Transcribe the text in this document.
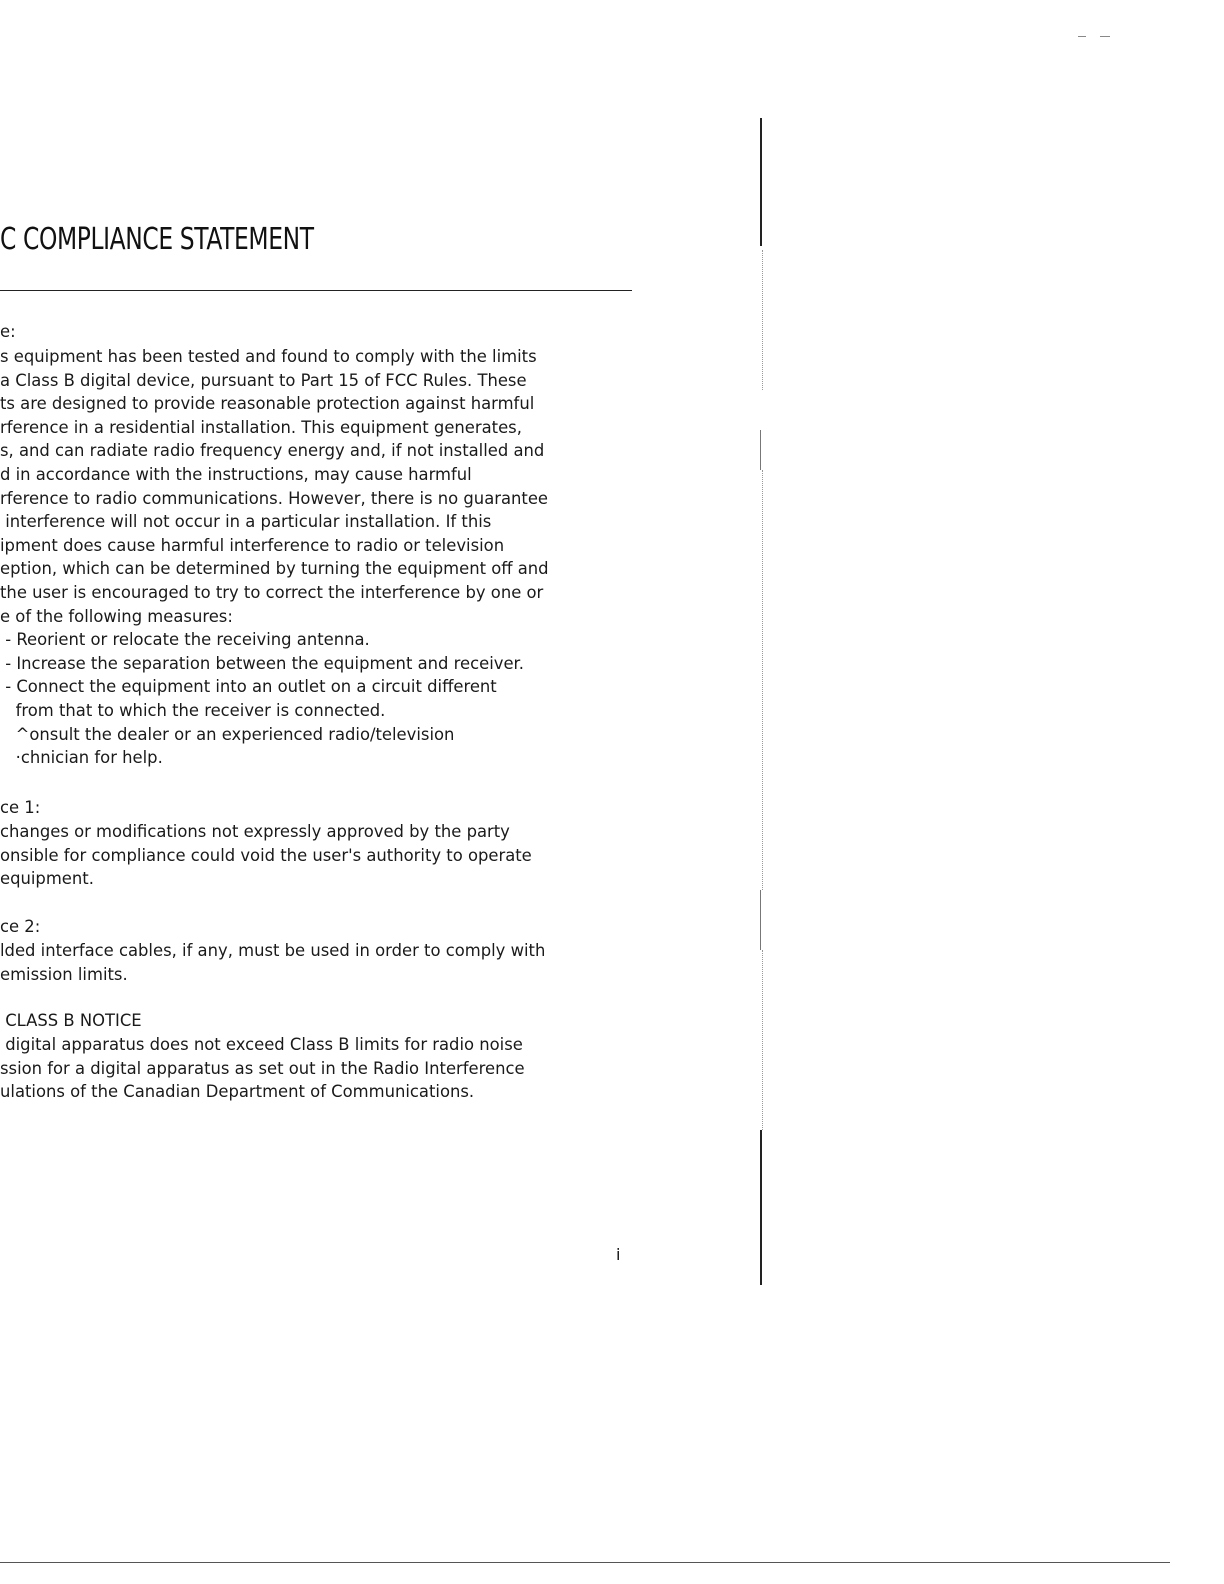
C COMPLIANCE STATEMENT
e:
s equipment has been tested and found to comply with the limits
a Class B digital device, pursuant to Part 15 of FCC Rules. These
ts are designed to provide reasonable protection against harmful
rference in a residential installation. This equipment generates,
s, and can radiate radio frequency energy and, if not installed and
d in accordance with the instructions, may cause harmful
rference to radio communications. However, there is no guarantee
interference will not occur in a particular installation. If this
ipment does cause harmful interference to radio or television
eption, which can be determined by turning the equipment off and
the user is encouraged to try to correct the interference by one or
e of the following measures:
- Reorient or relocate the receiving antenna.
- Increase the separation between the equipment and receiver.
- Connect the equipment into an outlet on a circuit different
from that to which the receiver is connected.
^onsult the dealer or an experienced radio/television
·chnician for help.
ce 1:
changes or modifications not expressly approved by the party
onsible for compliance could void the user's authority to operate
equipment.
ce 2:
lded interface cables, if any, must be used in order to comply with
emission limits.
CLASS B NOTICE
digital apparatus does not exceed Class B limits for radio noise
ssion for a digital apparatus as set out in the Radio Interference
ulations of the Canadian Department of Communications.
i
